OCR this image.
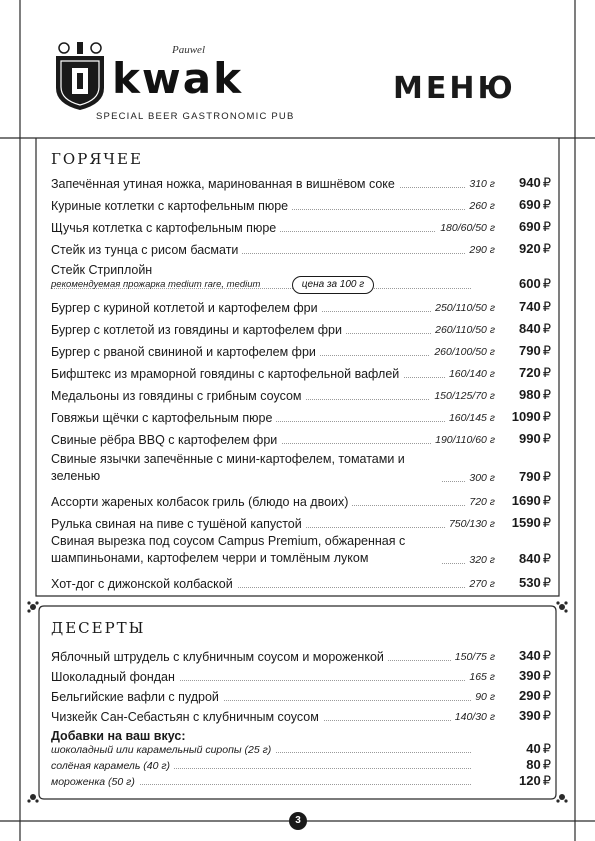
Pauwel
kwak
SPECIAL BEER GASTRONOMIC PUB
МЕНЮ
ГОРЯЧЕЕ
Запечённая утиная ножка, маринованная в вишнёвом соке	310 г 940 ₽
Куриные котлетки с картофельным пюре	260 г 690 ₽
Щучья котлетка с картофельным пюре	180/60/50 г 690 ₽
Стейк из тунца с рисом басмати	290 г 920 ₽
Стейк Стриплойн
рекомендуемая прожарка medium rare, medium	600 ₽
Бургер с куриной котлетой и картофелем фри	250/110/50 г 740 ₽
Бургер с котлетой из говядины и картофелем фри	260/110/50 г 840 ₽
Бургер с рваной свининой и картофелем фри	260/100/50 г 790 ₽
Бифштекс из мраморной говядины с картофельной вафлей	160/140 г 720 ₽
Медальоны из говядины с грибным соусом	150/125/70 г 980 ₽
Говяжьи щёчки с картофельным пюре	160/145 г 1090 ₽
Свиные рёбра BBQ с картофелем фри	190/110/60 г 990 ₽
Свиные язычки запечённые с мини-картофелем, томатами и зеленью	300 г 790 ₽
Ассорти жареных колбасок гриль (блюдо на двоих)	720 г 1690 ₽
Рулька свиная на пиве с тушёной капустой	750/130 г 1590 ₽
Свиная вырезка под соусом Campus Premium, обжаренная с шампиньонами, картофелем черри и томлёным луком	320 г 840 ₽
Хот-дог с дижонской колбаской	270 г 530 ₽
цена за 100 г
ДЕСЕРТЫ
Яблочный штрудель с клубничным соусом и мороженкой	150/75 г 340 ₽
Шоколадный фондан	165 г 390 ₽
Бельгийские вафли с пудрой	90 г 290 ₽
Чизкейк Сан-Себастьян с клубничным соусом	140/30 г 390 ₽
Добавки на ваш вкус:
шоколадный или карамельный сиропы (25 г)	40 ₽
солёная карамель (40 г)	80 ₽
мороженка (50 г)	120 ₽
3
